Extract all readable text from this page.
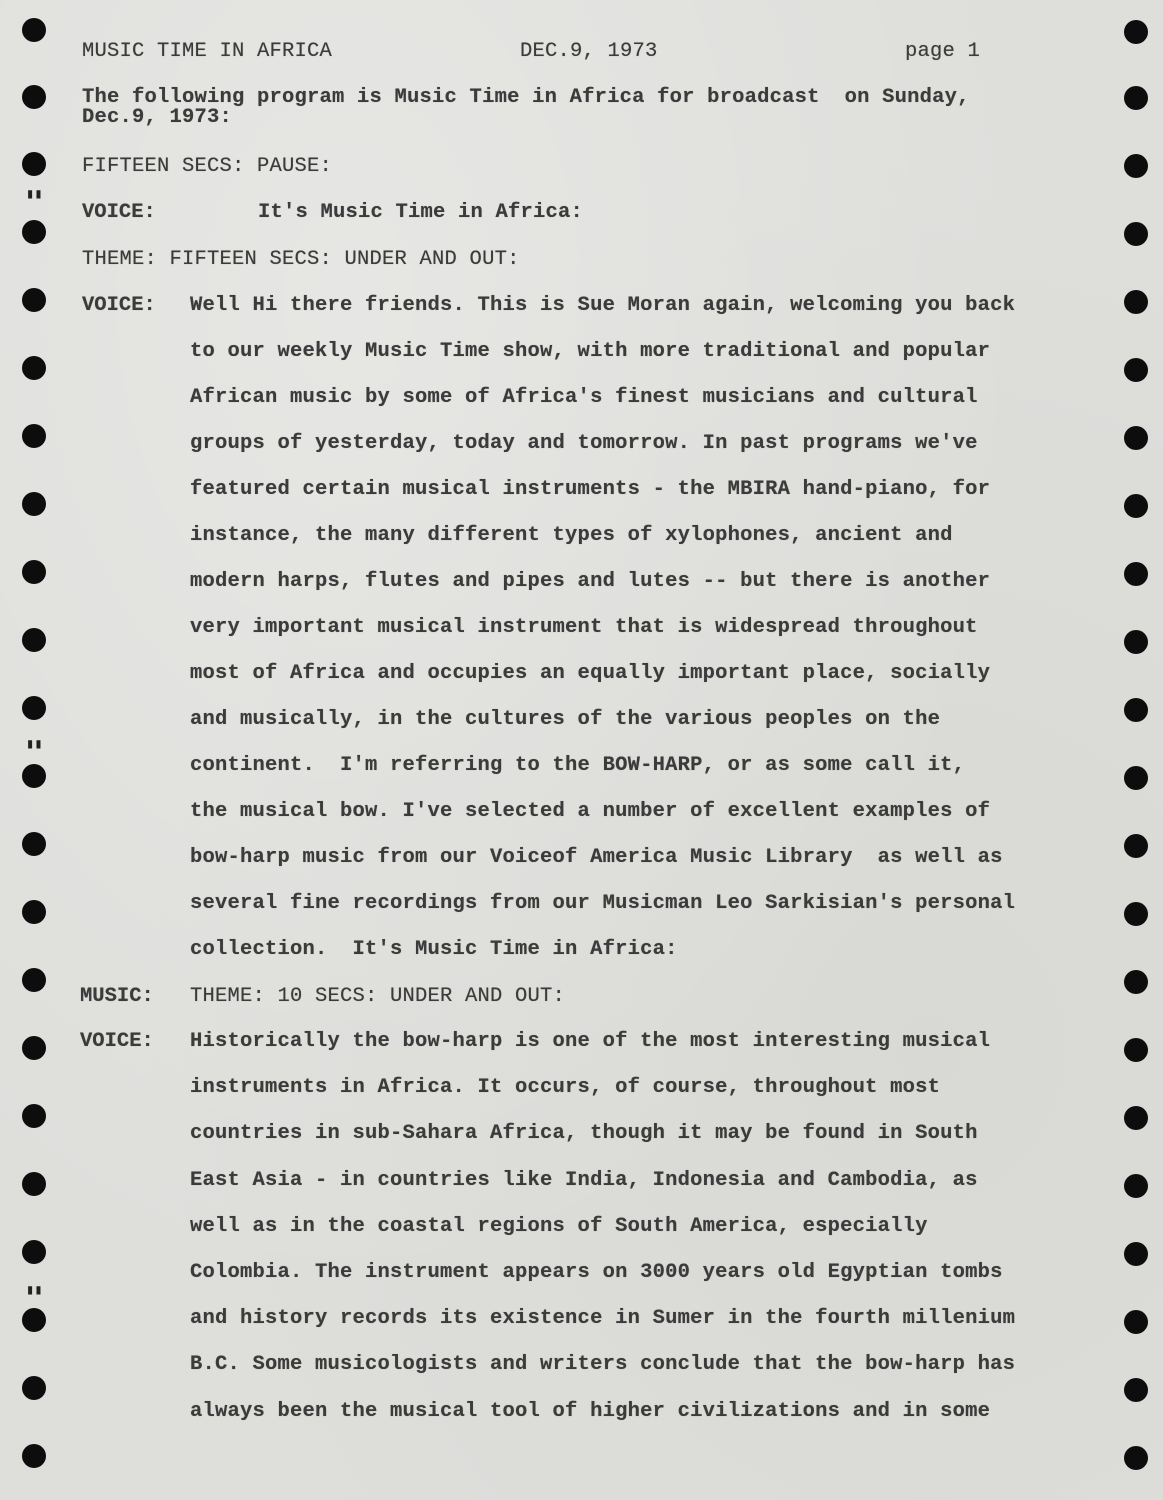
▮▮
▮▮
▮▮
MUSIC TIME IN AFRICA	DEC.9, 1973	page 1
The following program is Music Time in Africa for broadcast  on Sunday,
Dec.9, 1973:
FIFTEEN SECS: PAUSE:
VOICE:	It's Music Time in Africa:
THEME: FIFTEEN SECS: UNDER AND OUT:
VOICE: Well Hi there friends. This is Sue Moran again, welcoming you back
to our weekly Music Time show, with more traditional and popular
African music by some of Africa's finest musicians and cultural
groups of yesterday, today and tomorrow. In past programs we've
featured certain musical instruments - the MBIRA hand-piano, for
instance, the many different types of xylophones, ancient and
modern harps, flutes and pipes and lutes -- but there is another
very important musical instrument that is widespread throughout
most of Africa and occupies an equally important place, socially
and musically, in the cultures of the various peoples on the
continent.  I'm referring to the BOW-HARP, or as some call it,
the musical bow. I've selected a number of excellent examples of
bow-harp music from our Voiceof America Music Library  as well as
several fine recordings from our Musicman Leo Sarkisian's personal
collection.  It's Music Time in Africa:
MUSIC: THEME: 10 SECS: UNDER AND OUT:
VOICE: Historically the bow-harp is one of the most interesting musical
instruments in Africa. It occurs, of course, throughout most
countries in sub-Sahara Africa, though it may be found in South
East Asia - in countries like India, Indonesia and Cambodia, as
well as in the coastal regions of South America, especially
Colombia. The instrument appears on 3000 years old Egyptian tombs
and history records its existence in Sumer in the fourth millenium
B.C. Some musicologists and writers conclude that the bow-harp has
always been the musical tool of higher civilizations and in some
